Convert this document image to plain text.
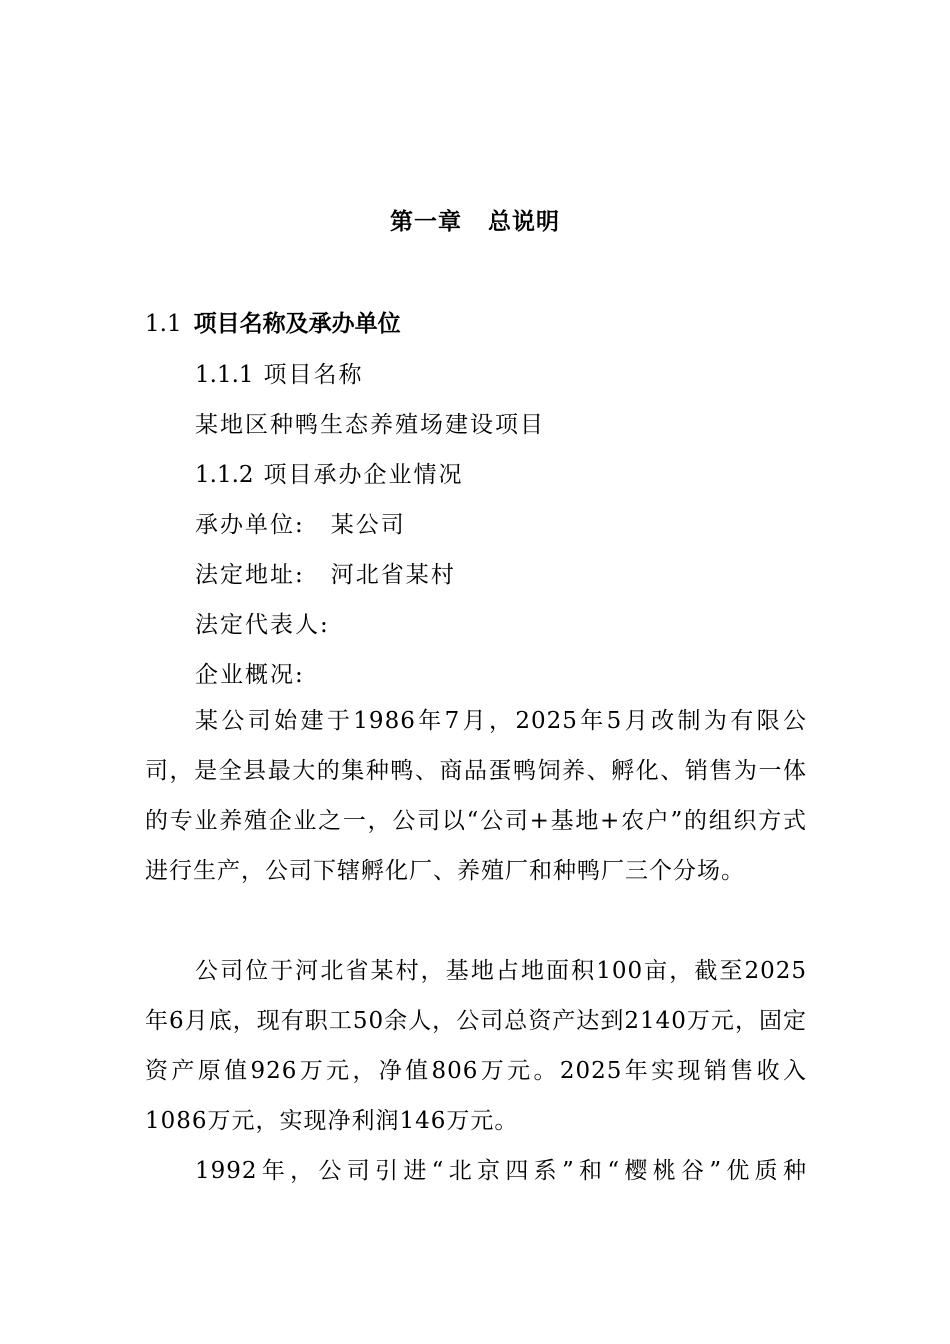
第一章 总说明
1.1 项目名称及承办单位

1.1.1 项目名称

某地区种鸭生态养殖场建设项目

1.1.2 项目承办企业情况

承办单位: 某公司

法定地址: 河北省某村

法定代表人:

企业概况:

某公司始建于1986年7月，2025年5月改制为有限公司，是全县最大的集种鸭、商品蛋鸭饲养、孵化、销售为一体的专业养殖企业之一，公司以“公司+基地+农户”的组织方式进行生产，公司下辖孵化厂、养殖厂和种鸭厂三个分场。

公司位于河北省某村，基地占地面积100亩，截至2025年6月底，现有职工50余人，公司总资产达到2140万元，固定资产原值926万元，净值806万元。2025年实现销售收入1086万元，实现净利润146万元。

1992年，公司引进“北京四系”和“樱桃谷”优质种
